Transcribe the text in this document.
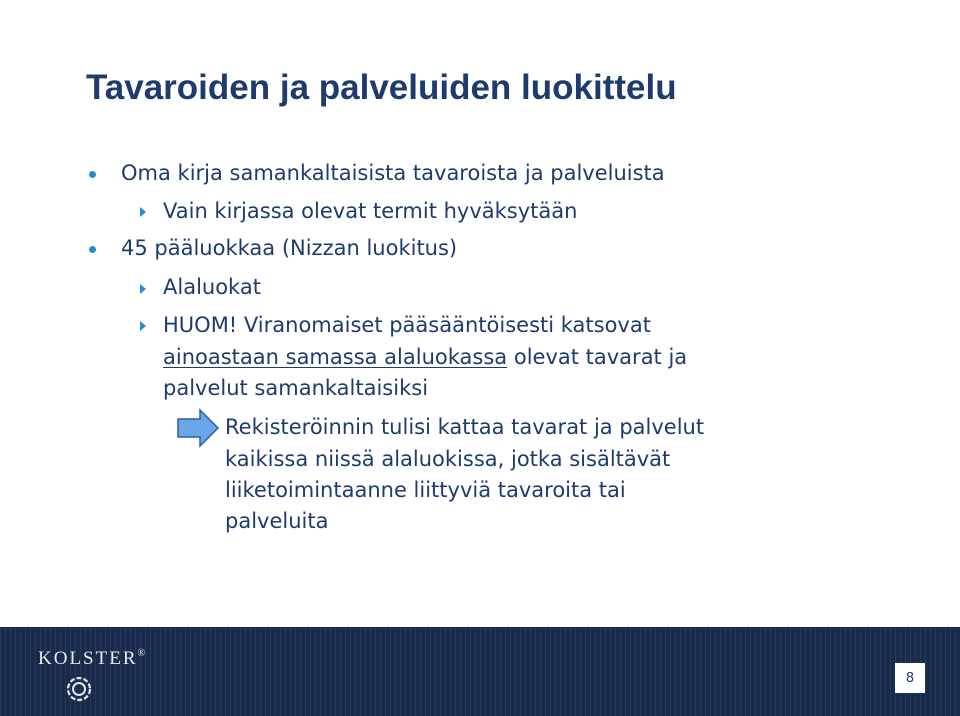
Tavaroiden ja palveluiden luokittelu
Oma kirja samankaltaisista tavaroista ja palveluista
Vain kirjassa olevat termit hyväksytään
45 pääluokkaa (Nizzan luokitus)
Alaluokat
HUOM! Viranomaiset pääsääntöisesti katsovat
ainoastaan samassa alaluokassa olevat tavarat ja
palvelut samankaltaisiksi
Rekisteröinnin tulisi kattaa tavarat ja palvelut
kaikissa niissä alaluokissa, jotka sisältävät
liiketoimintaanne liittyviä tavaroita tai
palveluita
KOLSTER®
8
